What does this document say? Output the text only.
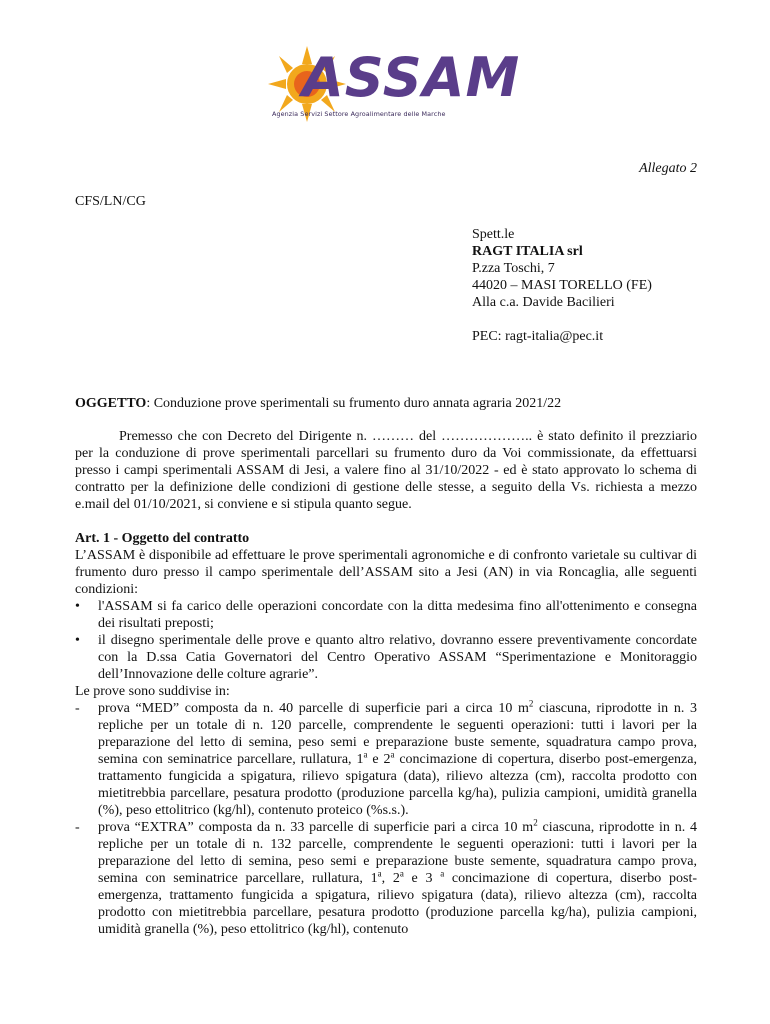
ASSAM
Agenzia Servizi Settore Agroalimentare delle Marche
Allegato 2
CFS/LN/CG
Spett.le
RAGT ITALIA srl
P.zza Toschi, 7
44020 – MASI TORELLO (FE)
Alla c.a. Davide Bacilieri
PEC: ragt-italia@pec.it
OGGETTO: Conduzione prove sperimentali su frumento duro annata agraria 2021/22

Premesso che con Decreto del Dirigente n. ……… del ……………….. è stato definito il prezziario per la conduzione di prove sperimentali parcellari su frumento duro da Voi commissionate, da effettuarsi presso i campi sperimentali ASSAM di Jesi, a valere fino al 31/10/2022 - ed è stato approvato lo schema di contratto per la definizione delle condizioni di gestione delle stesse, a seguito della Vs. richiesta a mezzo e.mail del 01/10/2021, si conviene e si stipula quanto segue.

Art. 1 - Oggetto del contratto

L’ASSAM è disponibile ad effettuare le prove sperimentali agronomiche e di confronto varietale su cultivar di frumento duro presso il campo sperimentale dell’ASSAM sito a Jesi (AN) in via Roncaglia, alle seguenti condizioni:

• l'ASSAM si fa carico delle operazioni concordate con la ditta medesima fino all'ottenimento e consegna dei risultati preposti;
• il disegno sperimentale delle prove e quanto altro relativo, dovranno essere preventivamente concordate con la D.ssa Catia Governatori del Centro Operativo ASSAM “Sperimentazione e Monitoraggio dell’Innovazione delle colture agrarie”.

Le prove sono suddivise in:

- prova “MED” composta da n. 40 parcelle di superficie pari a circa 10 $m^2$ ciascuna, riprodotte in n. 3 repliche per un totale di n. 120 parcelle, comprendente le seguenti operazioni: tutti i lavori per la preparazione del letto di semina, peso semi e preparazione buste semente, squadratura campo prova, semina con seminatrice parcellare, rullatura, 1$^a$ e 2$^a$ concimazione di copertura, diserbo post-emergenza, trattamento fungicida a spigatura, rilievo spigatura (data), rilievo altezza (cm), raccolta prodotto con mietitrebbia parcellare, pesatura prodotto (produzione parcella kg/ha), pulizia campioni, umidità granella (%), peso ettolitrico (kg/hl), contenuto proteico (%s.s.).
- prova “EXTRA” composta da n. 33 parcelle di superficie pari a circa 10 $m^2$ ciascuna, riprodotte in n. 4 repliche per un totale di n. 132 parcelle, comprendente le seguenti operazioni: tutti i lavori per la preparazione del letto di semina, peso semi e preparazione buste semente, squadratura campo prova, semina con seminatrice parcellare, rullatura, 1$^a$, 2$^a$ e 3 $^a$ concimazione di copertura, diserbo post-emergenza, trattamento fungicida a spigatura, rilievo spigatura (data), rilievo altezza (cm), raccolta prodotto con mietitrebbia parcellare, pesatura prodotto (produzione parcella kg/ha), pulizia campioni, umidità granella (%), peso ettolitrico (kg/hl), contenuto
